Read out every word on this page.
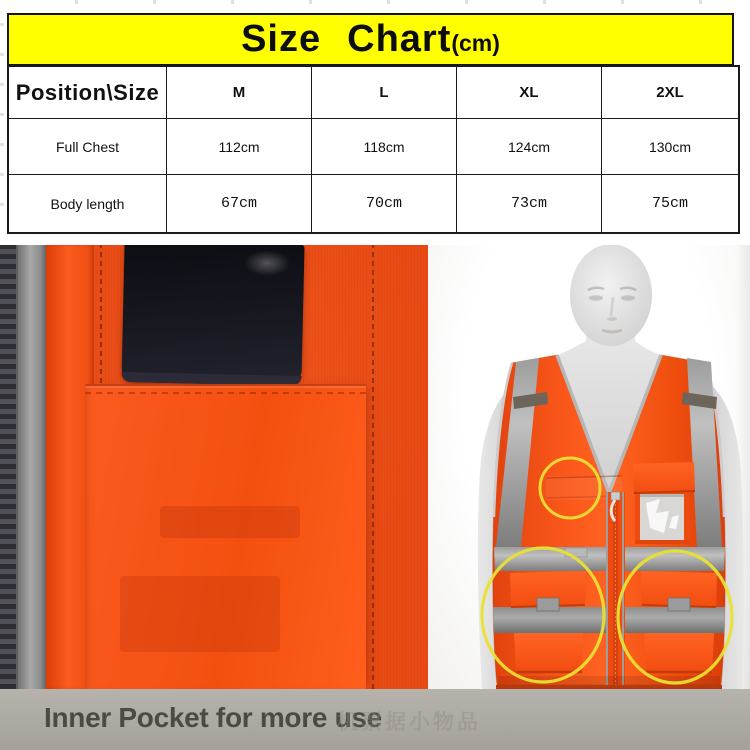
Size Chart (cm)
Position\Size	M	L	XL	2XL
Full Chest	112cm	118cm	124cm	130cm
Body length	67cm	70cm	73cm	75cm
Inner Pocket for more use
机票据小物品
